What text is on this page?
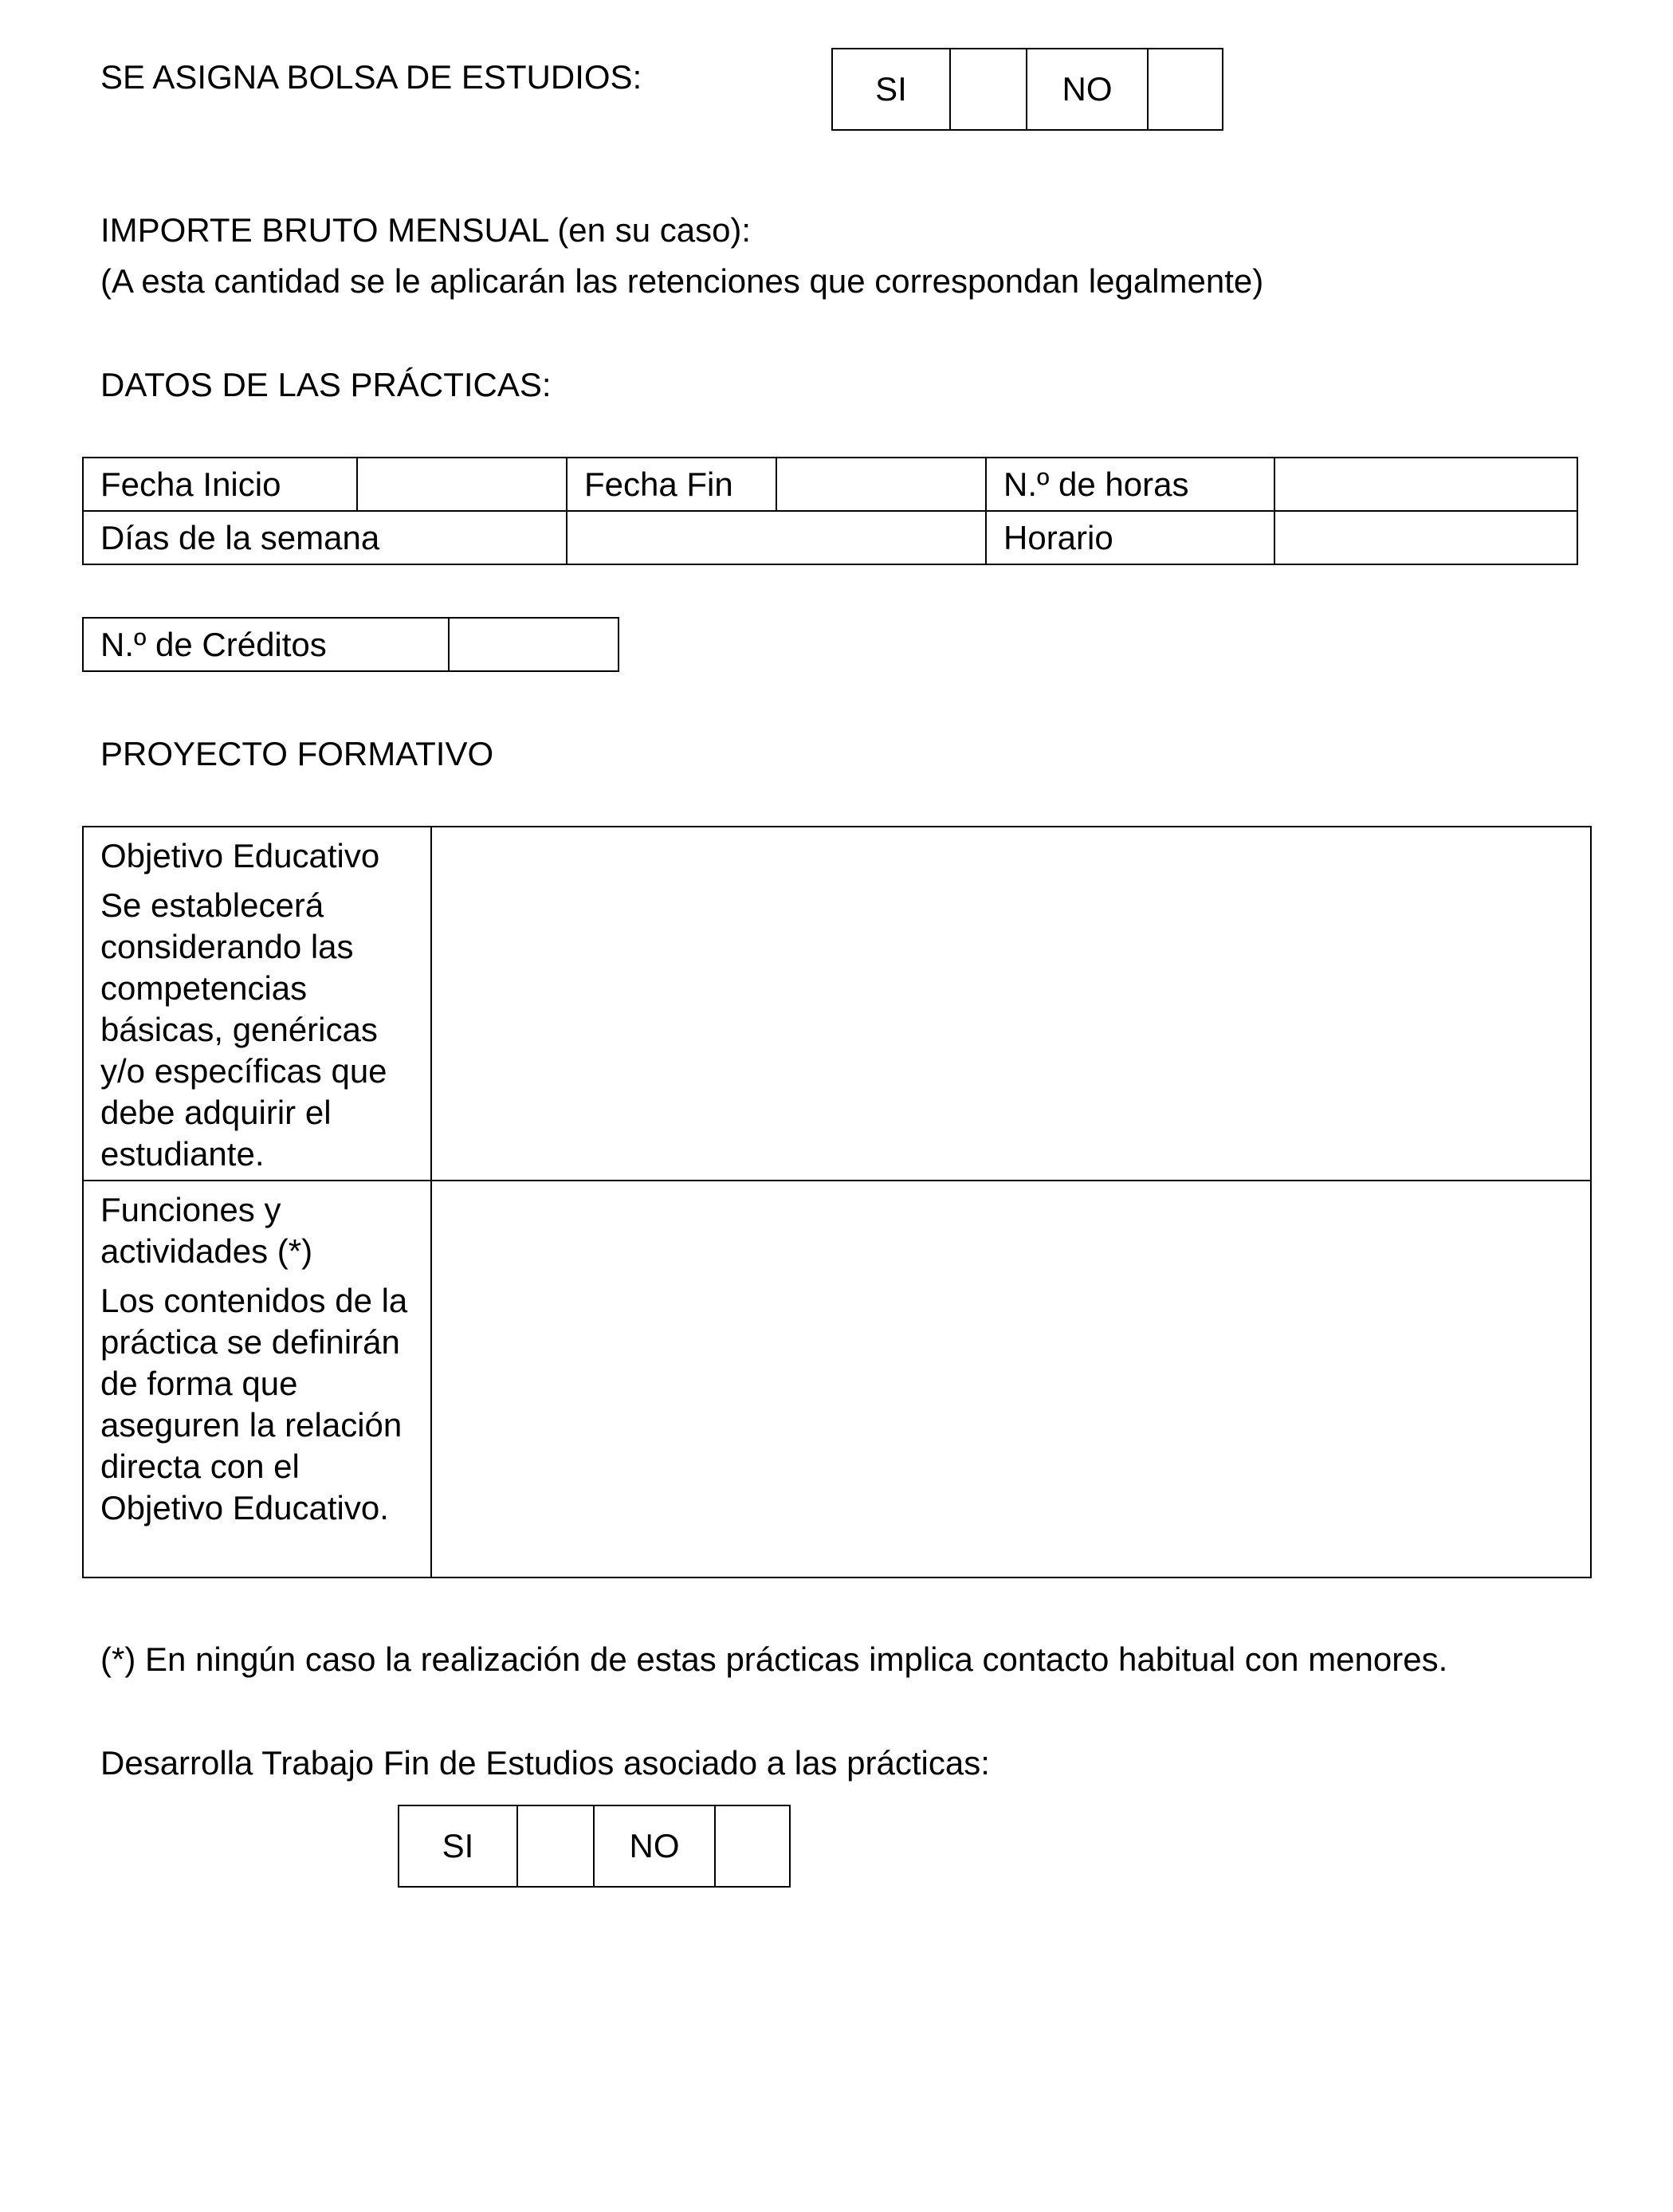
SE ASIGNA BOLSA DE ESTUDIOS:	SI		NO	
IMPORTE BRUTO MENSUAL (en su caso):
(A esta cantidad se le aplicarán las retenciones que correspondan legalmente)
DATOS DE LAS PRÁCTICAS:
Fecha Inicio		Fecha Fin		N.º de horas	
Días de la semana				Horario	
N.º de Créditos	
PROYECTO FORMATIVO
Objetivo Educativo
Se establecerá considerando las competencias básicas, genéricas y/o específicas que debe adquirir el estudiante.	

Funciones y actividades (*)
Los contenidos de la práctica se definirán de forma que aseguren la relación directa con el Objetivo Educativo.	

(*) En ningún caso la realización de estas prácticas implica contacto habitual con menores.
Desarrolla Trabajo Fin de Estudios asociado a las prácticas:
SI		NO	
